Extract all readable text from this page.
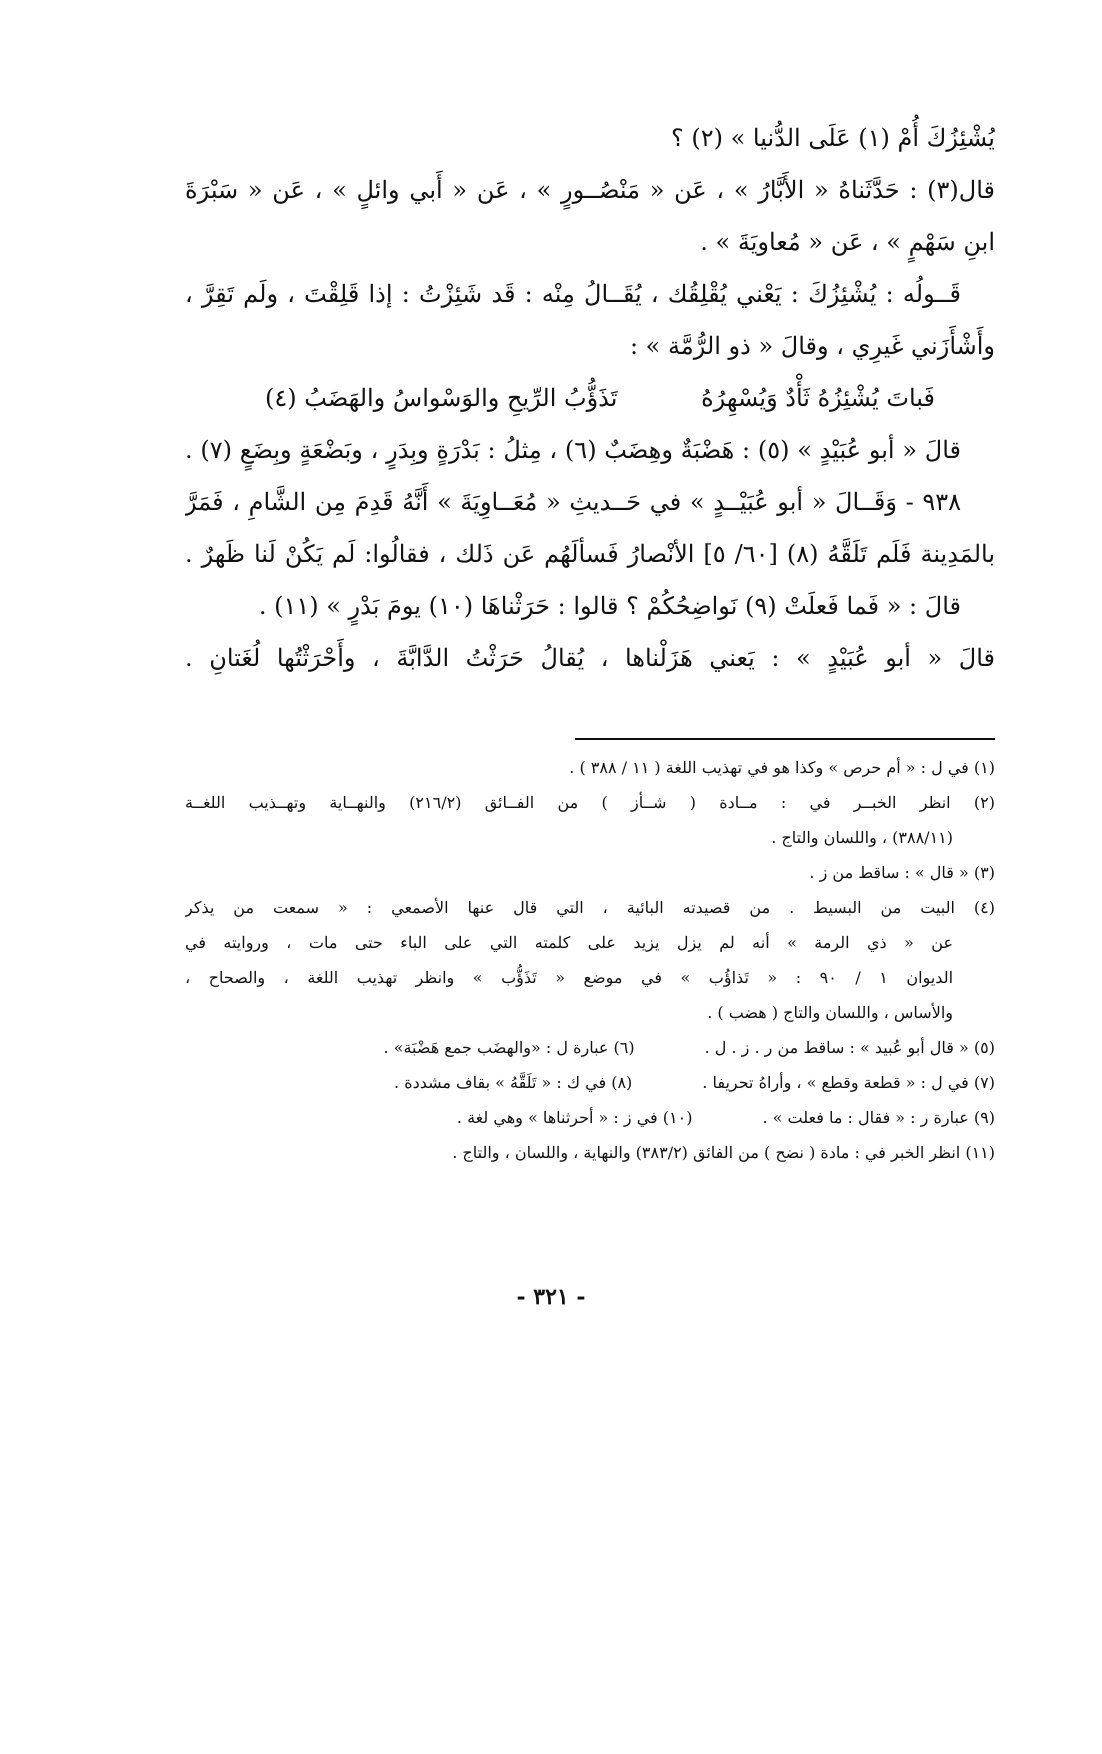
يُشْئِزُكَ أُمْ (١) عَلَى الدُّنيا » (٢) ؟
قال(٣) : حَدَّثَناهُ « الأَبَّارُ » ، عَن « مَنْصُــورٍ » ، عَن « أَبي وائلٍ » ، عَن « سَبْرَةَ
ابنِ سَهْمٍ » ، عَن « مُعاويَةَ » .
قَــولُه : يُشْئِزُكَ : يَعْني يُقْلِقُك ، يُقَــالُ مِنْه : قَد شَئِزْتُ : إذا قَلِقْتَ ، ولَم تَقِرَّ ،
وأَشْأَزَني غَيرِي ، وقالَ « ذو الرُّمَّة » :
فَباتَ يُشْئِزُهُ ثَأْدٌ وَيُسْهِرُهُ
تَذَؤُّبُ الرِّيحِ والوَسْواسُ والهَضَبُ (٤)
قالَ « أبو عُبَيْدٍ » (٥) : هَضْبَةٌ وهِضَبٌ (٦) ، مِثلُ : بَدْرَةٍ وبِدَرٍ ، وبَضْعَةٍ وبِضَعٍ (٧) .
٩٣٨ - وَقَــالَ « أبو عُبَيْــدٍ » في حَــديثِ « مُعَــاوِيَةَ » أَنَّهُ قَدِمَ مِن الشَّامِ ، فَمَرَّ
بالمَدِينة فَلَم تَلَقَّهُ (٨) [٦٠/ ٥] الأنْصارُ فَسألَهُم عَن ذَلك ، فقالُوا: لَم يَكُنْ لَنا ظَهرٌ .
قالَ : « فَما فَعلَتْ (٩) نَواضِحُكُمْ ؟ قالوا : حَرَثْناهَا (١٠) يومَ بَدْرٍ » (١١) .
قالَ « أبو عُبَيْدٍ » : يَعني هَزَلْناها ، يُقالُ حَرَثْتُ الدَّابَّةَ ، وأَحْرَثْتُها لُغَتانِ .
(١) في ل : « أم حرص » وكذا هو في تهذيب اللغة ( ١١ / ٣٨٨ ) .
(٢) انظر الخبــر في : مــادة ( شــأز ) من الفــائق (٢١٦/٢) والنهــاية وتهــذيب اللغــة
(٣٨٨/١١) ، واللسان والتاج .
(٣) « قال » : ساقط من ز .
(٤) البيت من البسيط . من قصيدته البائية ، التي قال عنها الأصمعي : « سمعت من يذكر
عن « ذي الرمة » أنه لم يزل يزيد على كلمته التي على الباء حتى مات ، وروايته في
الديوان ١ / ٩٠ : « تَذاؤُب » في موضع « تَذَؤُّب » وانظر تهذيب اللغة ، والصحاح ،
والأساس ، واللسان والتاج ( هضب ) .
(٥) « قال أبو عُبيد » : ساقط من ر . ز . ل .
(٦) عبارة ل : «والهضَب جمع هَضْبَة» .
(٧) في ل : « قطعة وقطع » ، وأراهُ تحريفا .
(٨) في ك : « تَلَقَّهُ » بقاف مشددة .
(٩) عبارة ر : « فقال : ما فعلت » .
(١٠) في ز : « أحرثناها » وهي لغة .
(١١) انظر الخبر في : مادة ( نضح ) من الفائق (٣٨٣/٢) والنهاية ، واللسان ، والتاج .
- ٣٢١ -
